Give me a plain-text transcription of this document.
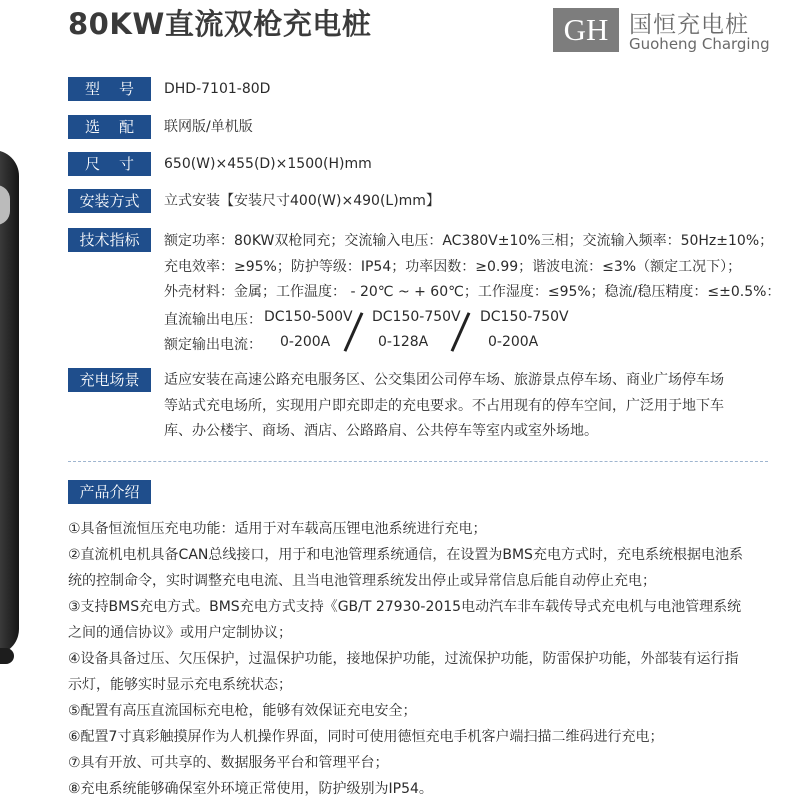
80KW直流双枪充电桩	GH 国恒充电桩
Guoheng Charging
型    号	DHD-7101-80D
选    配	联网版/单机版
尺    寸	650(W)×455(D)×1500(H)mm
安装方式	立式安装【安装尺寸400(W)×490(L)mm】
技术指标	额定功率：80KW双枪同充；交流输入电压：AC380V±10%三相；交流输入频率：50Hz±10%；
充电效率：≥95%；防护等级：IP54；功率因数：≥0.99；谐波电流：≤3%（额定工况下）；
外壳材料：金属；工作温度： - 20℃ ~ + 60℃；工作湿度：≤95%；稳流/稳压精度：≤±0.5%：
直流输出电压： DC150-500V DC150-750V DC150-750V
额定输出电流： 0-200A	0-128A	0-200A
充电场景	适应安装在高速公路充电服务区、公交集团公司停车场、旅游景点停车场、商业广场停车场
等站式充电场所，实现用户即充即走的充电要求。不占用现有的停车空间，广泛用于地下车
库、办公楼宇、商场、酒店、公路路肩、公共停车等室内或室外场地。
产品介绍
①具备恒流恒压充电功能：适用于对车载高压锂电池系统进行充电；
②直流机电机具备CAN总线接口，用于和电池管理系统通信，在设置为BMS充电方式时，充电系统根据电池系
统的控制命令，实时调整充电电流、且当电池管理系统发出停止或异常信息后能自动停止充电；
③支持BMS充电方式。BMS充电方式支持《GB/T 27930-2015电动汽车非车载传导式充电机与电池管理系统
之间的通信协议》或用户定制协议；
④设备具备过压、欠压保护，过温保护功能，接地保护功能，过流保护功能，防雷保护功能，外部装有运行指
示灯，能够实时显示充电系统状态；
⑤配置有高压直流国标充电枪，能够有效保证充电安全；
⑥配置7寸真彩触摸屏作为人机操作界面，同时可使用德恒充电手机客户端扫描二维码进行充电；
⑦具有开放、可共享的、数据服务平台和管理平台；
⑧充电系统能够确保室外环境正常使用，防护级别为IP54。
